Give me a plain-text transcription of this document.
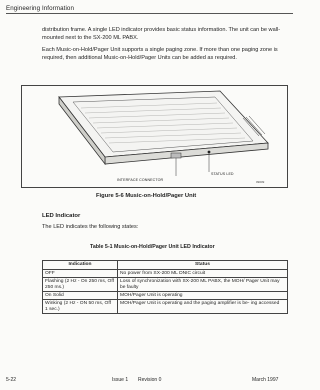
Engineering Information
distribution frame. A single LED indicator provides basic status information. The unit can be wall-mounted next to the SX-200 ML PABX.
Each Music-on-Hold/Pager Unit supports a single paging zone. If more than one paging zone is required, then additional Music-on-Hold/Pager Units can be added as required.
STATUS LED
INTERFACE CONNECTOR	09009
Figure 5-6 Music-on-Hold/Pager Unit
LED Indicator
The LED indicates the following states:
Table 5-1 Music-on-Hold/Pager Unit LED Indicator
Indication	Status
OFF	No power from SX-200 ML DNIC circuit
Flashing (2 Hz - On 250 ms, Off 250 ms.)	Loss of synchronization with SX-200 ML PABX, the MOH/ Pager Unit may be faulty
On Solid	MOH/Pager Unit is operating
Winking (2 Hz - ON 50 ms, Off 1 sec.)	MOH/Pager Unit is operating and the paging amplifier is be- ing accessed
5-22	Issue 1 Revision 0	March 1997
